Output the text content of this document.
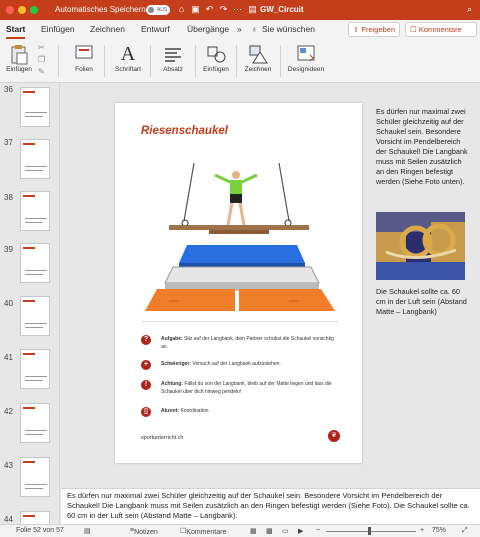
Automatisches Speichern AUS	⌂ ▣ ↶ ↷ ⋯ ▤ GW_Circuit	⌕
Start Einfügen Zeichnen Entwurf Übergänge » ♁ Sie wünschen	⇧ Freigeben	☐ Kommentare
Einfügen
✂
❐
✎	Folien
A
Schriftart	Absatz	Einfügen	Zeichnen	Designideen
36
37
38
39
40
41
42
43
44
Riesenschaukel
?	Aufgabe: Sitz auf der Langbank, dein Partner schubst die Schaukel vorsichtig an.
+	Schwieriger: Versuch auf der Langbank aufzustehen.
!	Achtung: Fällst du von der Langbank, bleib auf der Matte liegen und lass die Schaukel über dich hinweg pendeln!
▯	Akzent: Koordination
sportunterricht.ch	❦
Es dürfen nur maximal zwei Schüler gleichzeitig auf der Schaukel sein. Besondere Vorsicht im Pendelbereich der Schaukel! Die Langbank muss mit Seilen zusätzlich an den Ringen befestigt werden (Siehe Foto unten).
Die Schaukel sollte ca. 60 cm in der Luft sein (Abstand Matte – Langbank)
Es dürfen nur maximal zwei Schüler gleichzeitig auf der Schaukel sein. Besondere Vorsicht im Pendelbereich der Schaukel! Die Langbank muss mit Seilen zusätzlich an den Ringen befestigt werden (Siehe Foto). Die Schaukel sollte ca. 60 cm in der Luft sein (Abstand Matte – Langbank).
Folie 52 von 57	▤	≡ Notizen	☐ Kommentare	▦ ▩ ▭ ▶ −	+ 75% ⤢
